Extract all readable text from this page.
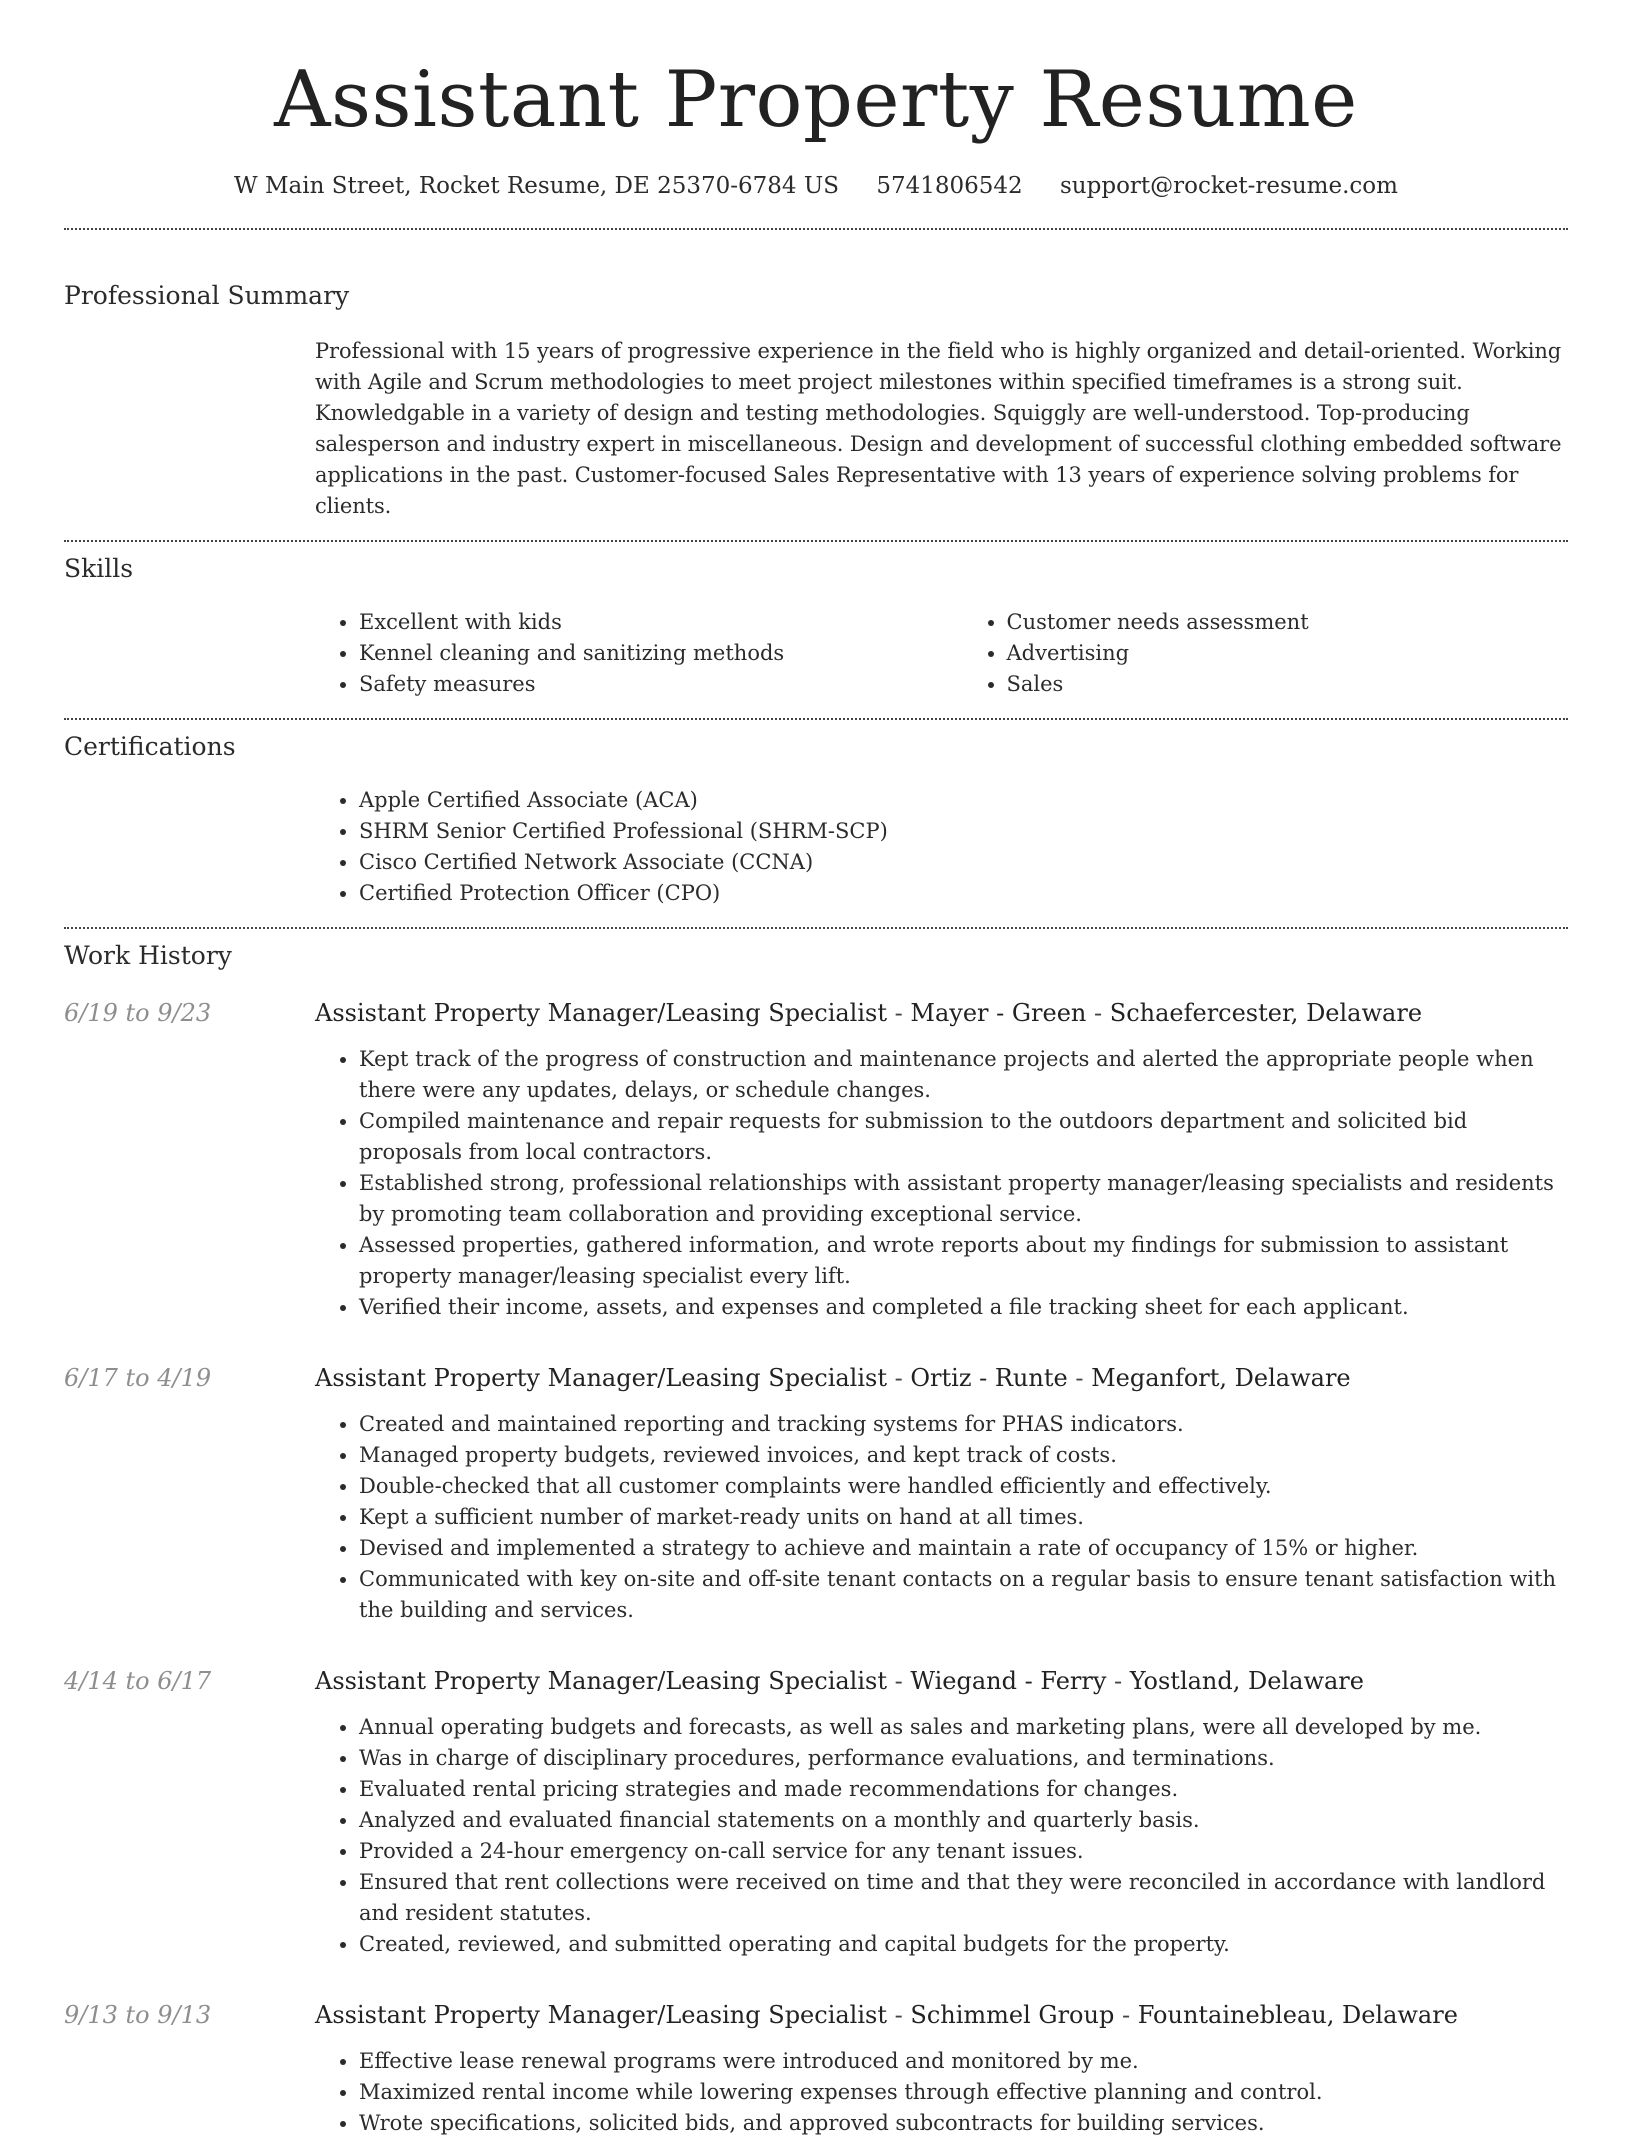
Assistant Property Resume
W Main Street, Rocket Resume, DE 25370-6784 US 5741806542 support@rocket-resume.com
Professional Summary

Professional with 15 years of progressive experience in the field who is highly organized and detail-oriented. Working with Agile and Scrum methodologies to meet project milestones within specified timeframes is a strong suit. Knowledgable in a variety of design and testing methodologies. Squiggly are well-understood. Top-producing salesperson and industry expert in miscellaneous. Design and development of successful clothing embedded software applications in the past. Customer-focused Sales Representative with 13 years of experience solving problems for clients.

Skills
• Excellent with kids
• Kennel cleaning and sanitizing methods
• Safety measures
• Customer needs assessment
• Advertising
• Sales
Certifications
• Apple Certified Associate (ACA)
• SHRM Senior Certified Professional (SHRM-SCP)
• Cisco Certified Network Associate (CCNA)
• Certified Protection Officer (CPO)
Work History
6/19 to 9/23	Assistant Property Manager/Leasing Specialist - Mayer - Green - Schaefercester, Delaware
• Kept track of the progress of construction and maintenance projects and alerted the appropriate people when there were any updates, delays, or schedule changes.
• Compiled maintenance and repair requests for submission to the outdoors department and solicited bid proposals from local contractors.
• Established strong, professional relationships with assistant property manager/leasing specialists and residents by promoting team collaboration and providing exceptional service.
• Assessed properties, gathered information, and wrote reports about my findings for submission to assistant property manager/leasing specialist every lift.
• Verified their income, assets, and expenses and completed a file tracking sheet for each applicant.
6/17 to 4/19	Assistant Property Manager/Leasing Specialist - Ortiz - Runte - Meganfort, Delaware
• Created and maintained reporting and tracking systems for PHAS indicators.
• Managed property budgets, reviewed invoices, and kept track of costs.
• Double-checked that all customer complaints were handled efficiently and effectively.
• Kept a sufficient number of market-ready units on hand at all times.
• Devised and implemented a strategy to achieve and maintain a rate of occupancy of 15% or higher.
• Communicated with key on-site and off-site tenant contacts on a regular basis to ensure tenant satisfaction with the building and services.
4/14 to 6/17	Assistant Property Manager/Leasing Specialist - Wiegand - Ferry - Yostland, Delaware
• Annual operating budgets and forecasts, as well as sales and marketing plans, were all developed by me.
• Was in charge of disciplinary procedures, performance evaluations, and terminations.
• Evaluated rental pricing strategies and made recommendations for changes.
• Analyzed and evaluated financial statements on a monthly and quarterly basis.
• Provided a 24-hour emergency on-call service for any tenant issues.
• Ensured that rent collections were received on time and that they were reconciled in accordance with landlord and resident statutes.
• Created, reviewed, and submitted operating and capital budgets for the property.
9/13 to 9/13	Assistant Property Manager/Leasing Specialist - Schimmel Group - Fountainebleau, Delaware
• Effective lease renewal programs were introduced and monitored by me.
• Maximized rental income while lowering expenses through effective planning and control.
• Wrote specifications, solicited bids, and approved subcontracts for building services.
